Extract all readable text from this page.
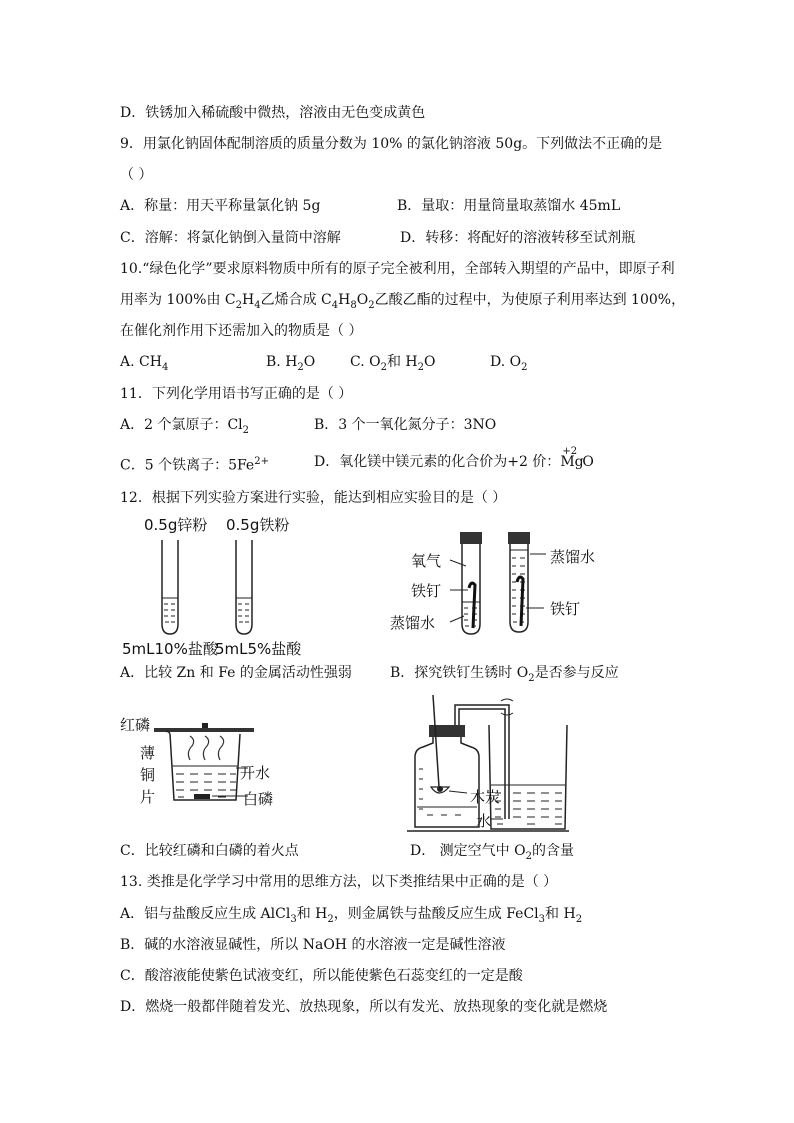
D．铁锈加入稀硫酸中微热，溶液由无色变成黄色
9．用氯化钠固体配制溶质的质量分数为 10% 的氯化钠溶液 50g。下列做法不正确的是
（ ）
A．称量：用天平称量氯化钠 5g	B．量取：用量筒量取蒸馏水 45mL
C．溶解：将氯化钠倒入量筒中溶解	D．转移：将配好的溶液转移至试剂瓶
10.“绿色化学”要求原料物质中所有的原子完全被利用，全部转入期望的产品中，即原子利
用率为 100%由 $C_2H_4$乙烯合成 $C_4H_8O_2$乙酸乙酯的过程中，为使原子利用率达到 100%，
在催化剂作用下还需加入的物质是（ ）
A. $CH_4$	B. $H_2O$ C. $O_2$和 $H_2O$	D. $O_2$
11．下列化学用语书写正确的是（ ）
A．2 个氯原子：$Cl_2$	B．3 个一氧化氮分子：3NO
C．5 个铁离子：$5Fe^{2+}$	D．氧化镁中镁元素的化合价为+2 价：
+2
MgO
12．根据下列实验方案进行实验，能达到相应实验目的是（ ）
0.5g锌粉 0.5g铁粉
5mL10%盐酸
5mL5%盐酸
A．比较 Zn 和 Fe 的金属活动性强弱
氧气
铁钉
蒸馏水
蒸馏水
铁钉
B．探究铁钉生锈时 $O_2$是否参与反应
红磷
薄
铜
片
开水
白磷
C．比较红磷和白磷的着火点
木炭
水
D． 测定空气中 $O_2$的含量
13. 类推是化学学习中常用的思维方法，以下类推结果中正确的是（ ）
A．铝与盐酸反应生成 AlCl$_3$和 $H_2$，则金属铁与盐酸反应生成 FeCl$_3$和 $H_2$
B．碱的水溶液显碱性，所以 NaOH 的水溶液一定是碱性溶液
C．酸溶液能使紫色试液变红，所以能使紫色石蕊变红的一定是酸
D．燃烧一般都伴随着发光、放热现象，所以有发光、放热现象的变化就是燃烧
